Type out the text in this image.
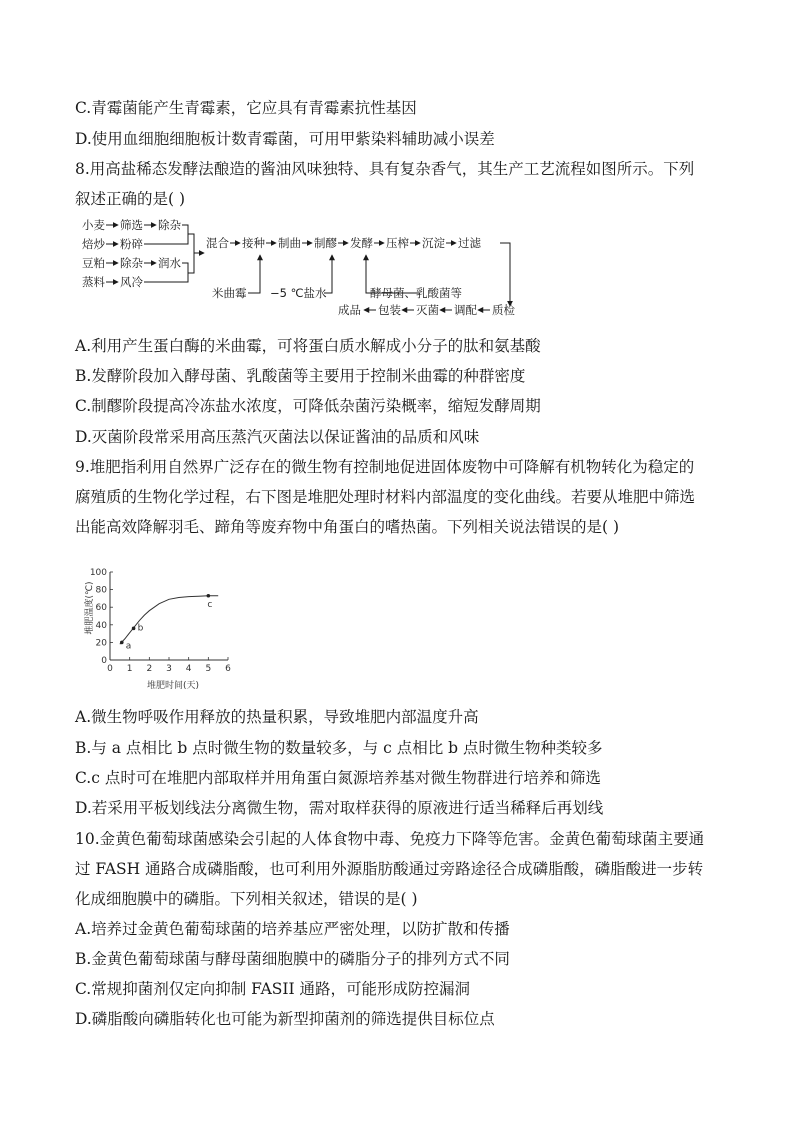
C.青霉菌能产生青霉素，它应具有青霉素抗性基因
D.使用血细胞细胞板计数青霉菌，可用甲紫染料辅助减小误差
8.用高盐稀态发酵法酿造的酱油风味独特、具有复杂香气，其生产工艺流程如图所示。下列
叙述正确的是( )
小麦 筛选 除杂
焙炒 粉碎
豆粕 除杂 润水
蒸料 风冷
混合 接种 制曲 制醪 发酵 压榨 沉淀 过滤
米曲霉 −5 ℃盐水	酵母菌、乳酸菌等
成品 包装 灭菌 调配 质检
A.利用产生蛋白酶的米曲霉，可将蛋白质水解成小分子的肽和氨基酸
B.发酵阶段加入酵母菌、乳酸菌等主要用于控制米曲霉的种群密度
C.制醪阶段提高冷冻盐水浓度，可降低杂菌污染概率，缩短发酵周期
D.灭菌阶段常采用高压蒸汽灭菌法以保证酱油的品质和风味
9.堆肥指利用自然界广泛存在的微生物有控制地促进固体废物中可降解有机物转化为稳定的
腐殖质的生物化学过程，右下图是堆肥处理时材料内部温度的变化曲线。若要从堆肥中筛选
出能高效降解羽毛、蹄角等废弃物中角蛋白的嗜热菌。下列相关说法错误的是( )
0 1 2 3 4 5 6
0
20
40
60
80
100
a
b
c
堆肥时间(天)
堆肥温度(℃)
A.微生物呼吸作用释放的热量积累，导致堆肥内部温度升高
B.与 a 点相比 b 点时微生物的数量较多，与 c 点相比 b 点时微生物种类较多
C.c 点时可在堆肥内部取样并用角蛋白氮源培养基对微生物群进行培养和筛选
D.若采用平板划线法分离微生物，需对取样获得的原液进行适当稀释后再划线
10.金黄色葡萄球菌感染会引起的人体食物中毒、免疫力下降等危害。金黄色葡萄球菌主要通
过 FASH 通路合成磷脂酸，也可利用外源脂肪酸通过旁路途径合成磷脂酸，磷脂酸进一步转
化成细胞膜中的磷脂。下列相关叙述，错误的是( )
A.培养过金黄色葡萄球菌的培养基应严密处理，以防扩散和传播
B.金黄色葡萄球菌与酵母菌细胞膜中的磷脂分子的排列方式不同
C.常规抑菌剂仅定向抑制 FASII 通路，可能形成防控漏洞
D.磷脂酸向磷脂转化也可能为新型抑菌剂的筛选提供目标位点
